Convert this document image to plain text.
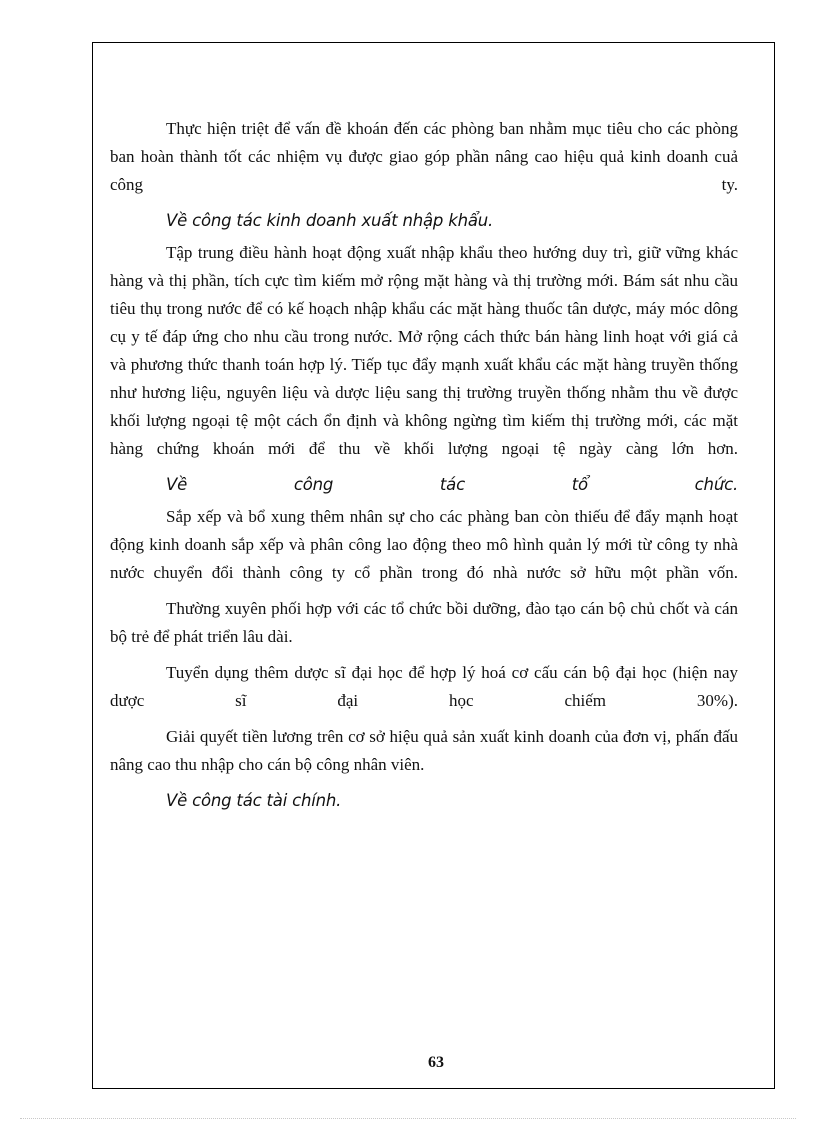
Thực hiện triệt để vấn đề khoán đến các phòng ban nhằm mục tiêu cho các phòng ban hoàn thành tốt các nhiệm vụ được giao góp phần nâng cao hiệu quả kinh doanh cuả công ty.

Về công tác kinh doanh xuất nhập khẩu.

Tập trung điều hành hoạt động xuất nhập khẩu theo hướng duy trì, giữ vững khác hàng và thị phần, tích cực tìm kiếm mở rộng mặt hàng và thị trường mới. Bám sát nhu cầu tiêu thụ trong nước để có kế hoạch nhập khẩu các mặt hàng thuốc tân dược, máy móc dông cụ y tế đáp ứng cho nhu cầu trong nước. Mở rộng cách thức bán hàng linh hoạt với giá cả và phương thức thanh toán hợp lý. Tiếp tục đẩy mạnh xuất khẩu các mặt hàng truyền thống như hương liệu, nguyên liệu và dược liệu sang thị trường truyền thống nhằm thu về được khối lượng ngoại tệ một cách ổn định và không ngừng tìm kiếm thị trường mới, các mặt hàng chứng khoán mới để thu về khối lượng ngoại tệ ngày càng lớn hơn.

Về công tác tổ chức.

Sắp xếp và bổ xung thêm nhân sự cho các phàng ban còn thiếu để đẩy mạnh hoạt động kinh doanh sắp xếp và phân công lao động theo mô hình quản lý mới từ công ty nhà nước chuyển đổi thành công ty cổ phần trong đó nhà nước sở hữu một phần vốn.

Thường xuyên phối hợp với các tổ chức bồi dưỡng, đào tạo cán bộ chủ chốt và cán bộ trẻ để phát triển lâu dài.

Tuyển dụng thêm dược sĩ đại học để hợp lý hoá cơ cấu cán bộ đại học (hiện nay dược sĩ đại học chiếm 30%).

Giải quyết tiền lương trên cơ sở hiệu quả sản xuất kinh doanh của đơn vị, phấn đấu nâng cao thu nhập cho cán bộ công nhân viên.

Về công tác tài chính.

63
